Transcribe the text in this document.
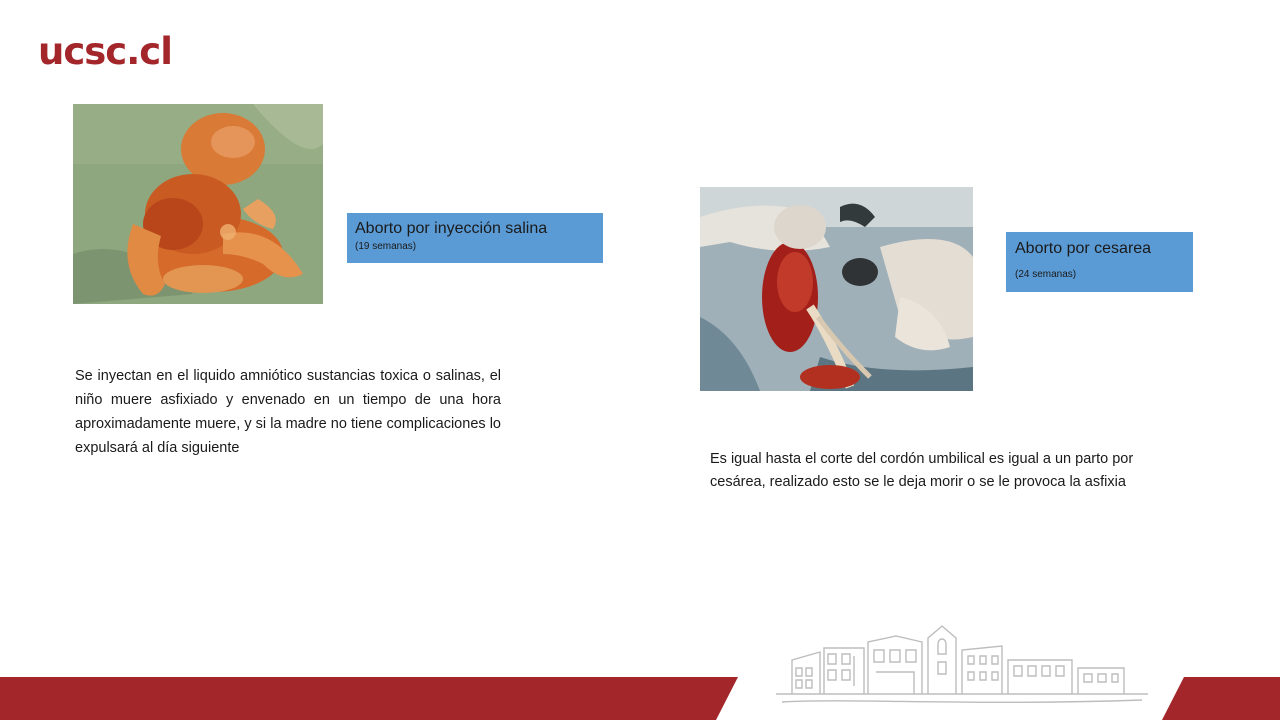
ucsc.cl
Aborto por inyección salina
(19 semanas)	Aborto por cesarea
(24 semanas)
Se inyectan en el liquido amniótico sustancias toxica o salinas, el niño muere asfixiado y envenado en un tiempo de una hora aproximadamente muere, y si la madre no tiene complicaciones lo expulsará al día siguiente
Es igual hasta el corte del cordón umbilical es igual a un parto por cesárea, realizado esto se le deja morir o se le provoca la asfixia
